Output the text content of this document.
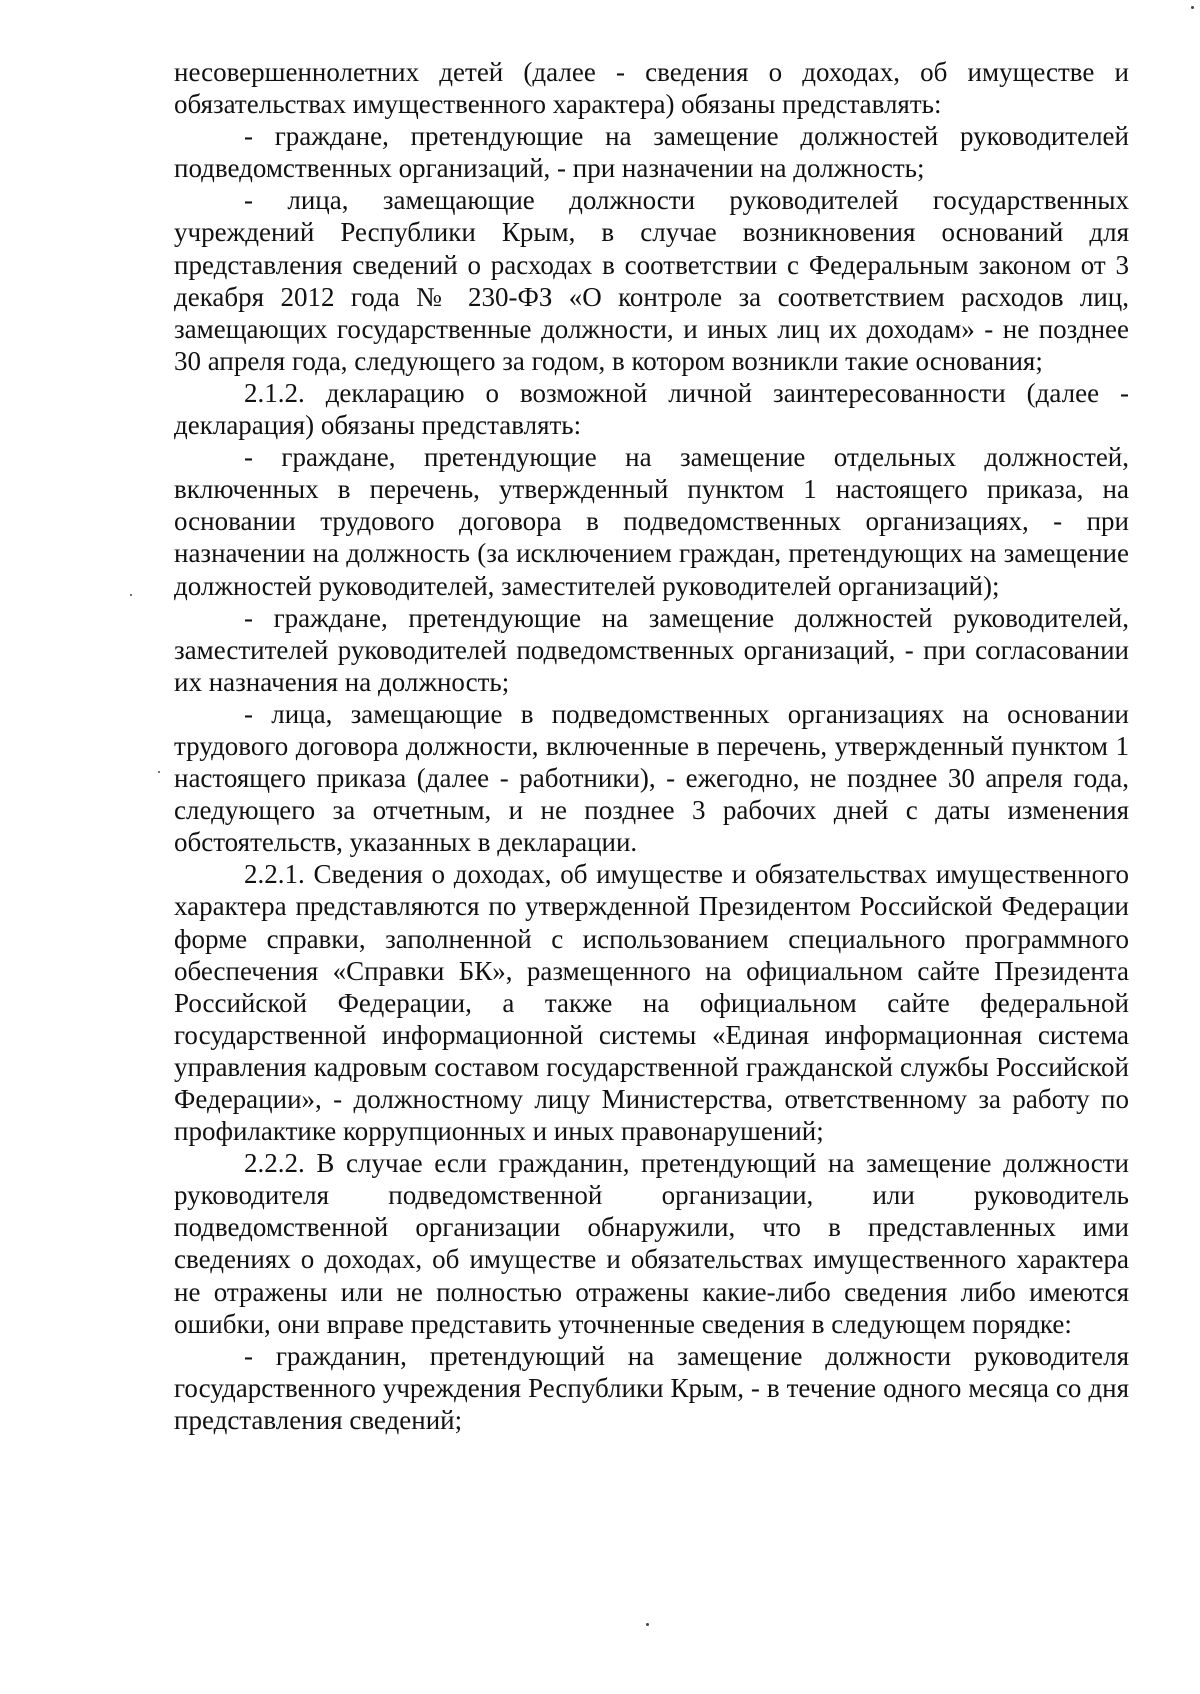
несовершеннолетних детей (далее - сведения о доходах, об имуществе и обязательствах имущественного характера) обязаны представлять:

- граждане, претендующие на замещение должностей руководителей подведомственных организаций, - при назначении на должность;

- лица, замещающие должности руководителей государственных учреждений Республики Крым, в случае возникновения оснований для представления сведений о расходах в соответствии с Федеральным законом от 3 декабря 2012 года № 230-ФЗ «О контроле за соответствием расходов лиц, замещающих государственные должности, и иных лиц их доходам» - не позднее 30 апреля года, следующего за годом, в котором возникли такие основания;

2.1.2. декларацию о возможной личной заинтересованности (далее - декларация) обязаны представлять:

- граждане, претендующие на замещение отдельных должностей, включенных в перечень, утвержденный пунктом 1 настоящего приказа, на основании трудового договора в подведомственных организациях, - при назначении на должность (за исключением граждан, претендующих на замещение должностей руководителей, заместителей руководителей организаций);

- граждане, претендующие на замещение должностей руководителей, заместителей руководителей подведомственных организаций, - при согласовании их назначения на должность;

- лица, замещающие в подведомственных организациях на основании трудового договора должности, включенные в перечень, утвержденный пунктом 1 настоящего приказа (далее - работники), - ежегодно, не позднее 30 апреля года, следующего за отчетным, и не позднее 3 рабочих дней с даты изменения обстоятельств, указанных в декларации.

2.2.1. Сведения о доходах, об имуществе и обязательствах имущественного характера представляются по утвержденной Президентом Российской Федерации форме справки, заполненной с использованием специального программного обеспечения «Справки БК», размещенного на официальном сайте Президента Российской Федерации, а также на официальном сайте федеральной государственной информационной системы «Единая информационная система управления кадровым составом государственной гражданской службы Российской Федерации», - должностному лицу Министерства, ответственному за работу по профилактике коррупционных и иных правонарушений;

2.2.2. В случае если гражданин, претендующий на замещение должности руководителя подведомственной организации, или руководитель подведомственной организации обнаружили, что в представленных ими сведениях о доходах, об имуществе и обязательствах имущественного характера не отражены или не полностью отражены какие-либо сведения либо имеются ошибки, они вправе представить уточненные сведения в следующем порядке:

- гражданин, претендующий на замещение должности руководителя государственного учреждения Республики Крым, - в течение одного месяца со дня представления сведений;
